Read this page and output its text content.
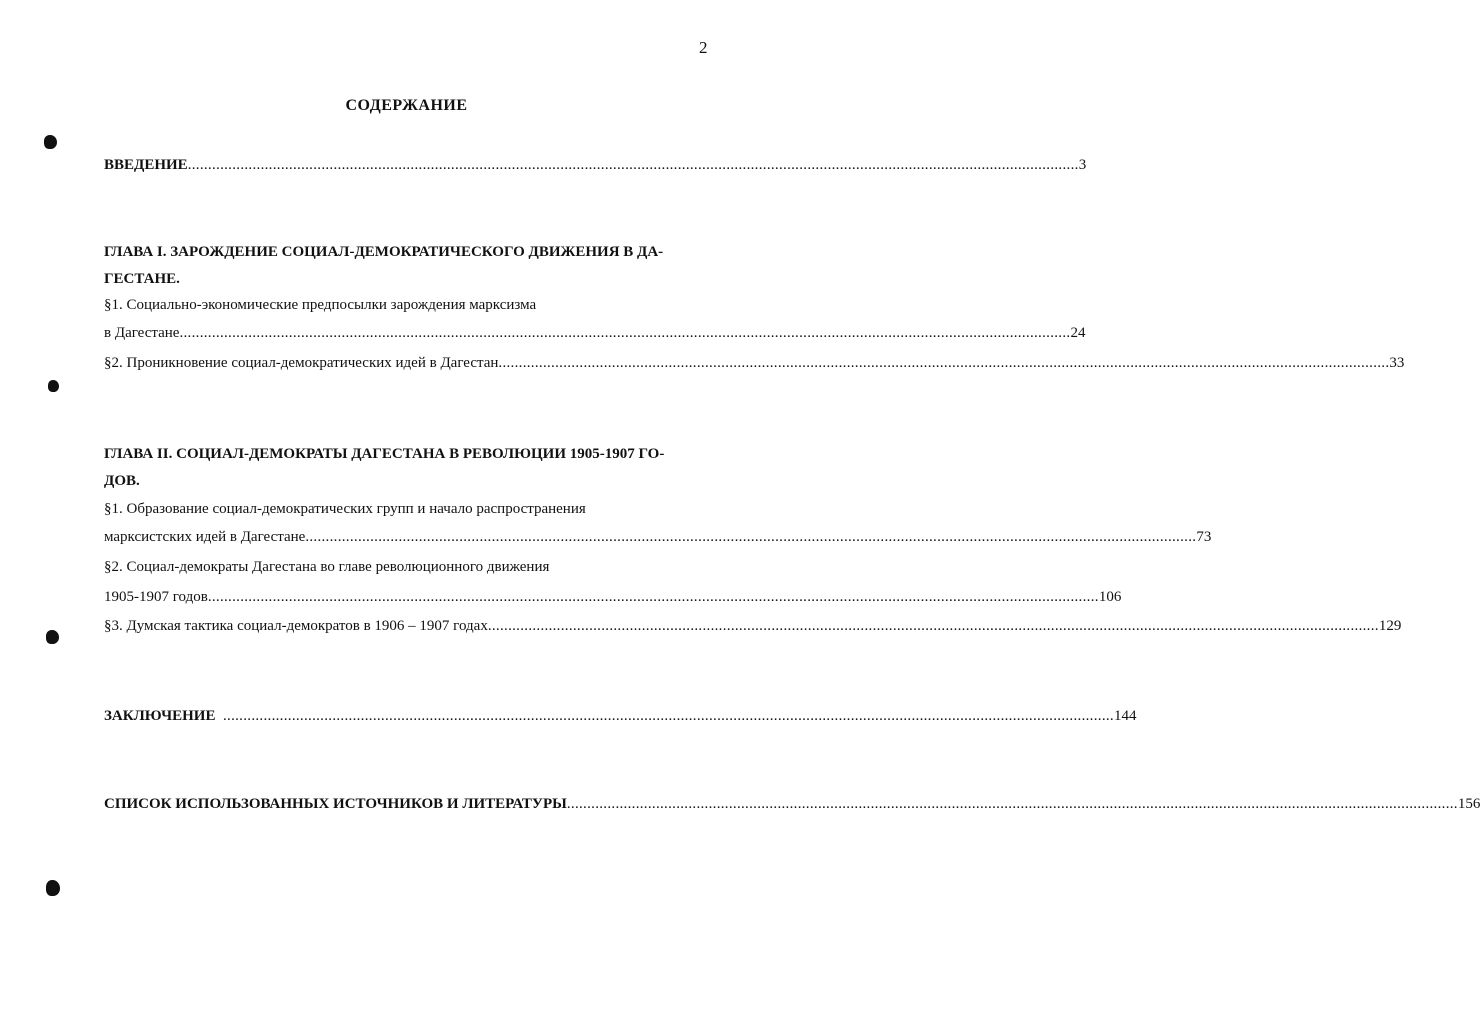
2
СОДЕРЖАНИЕ
ВВЕДЕНИЕ ............................................................................................................................................................................................................................ 3
ГЛАВА I. ЗАРОЖДЕНИЕ СОЦИАЛ-ДЕМОКРАТИЧЕСКОГО ДВИЖЕНИЯ В ДА-
ГЕСТАНЕ.
§1. Социально-экономические предпосылки зарождения марксизма
в Дагестане ............................................................................................................................................................................................................................ 24
§2. Проникновение социал-демократических идей в Дагестан ............................................................................................................................................................................................................................ 33
ГЛАВА II. СОЦИАЛ-ДЕМОКРАТЫ ДАГЕСТАНА В РЕВОЛЮЦИИ 1905-1907 ГО-
ДОВ.
§1. Образование социал-демократических групп и начало распространения
марксистских идей в Дагестане ............................................................................................................................................................................................................................ 73
§2. Социал-демократы Дагестана во главе революционного движения
1905-1907 годов ............................................................................................................................................................................................................................ 106
§3. Думская тактика социал-демократов в 1906 – 1907 годах ............................................................................................................................................................................................................................ 129
ЗАКЛЮЧЕНИЕ ............................................................................................................................................................................................................................ 144
СПИСОК ИСПОЛЬЗОВАННЫХ ИСТОЧНИКОВ И ЛИТЕРАТУРЫ ............................................................................................................................................................................................................................ 156
